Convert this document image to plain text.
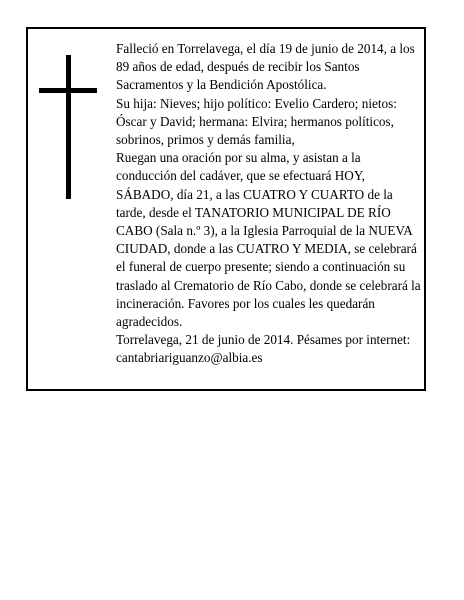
Falleció en Torrelavega, el día 19 de junio de 2014, a los 89 años de edad, después de recibir los Santos Sacramentos y la Bendición Apostólica.

Su hija: Nieves; hijo político: Evelio Cardero; nietos: Óscar y David; hermana: Elvira; hermanos políticos, sobrinos, primos y demás familia,

Ruegan una oración por su alma, y asistan a la conducción del cadáver, que se efectuará HOY, SÁBADO, día 21, a las CUATRO Y CUARTO de la tarde, desde el TANATORIO MUNICIPAL DE RÍO CABO (Sala n.º 3), a la Iglesia Parroquial de la NUEVA CIUDAD, donde a las CUATRO Y MEDIA, se celebrará el funeral de cuerpo presente; siendo a continuación su traslado al Crematorio de Río Cabo, donde se celebrará la incineración. Favores por los cuales les quedarán agradecidos.

Torrelavega, 21 de junio de 2014. Pésames por internet: cantabriariguanzo@albia.es
